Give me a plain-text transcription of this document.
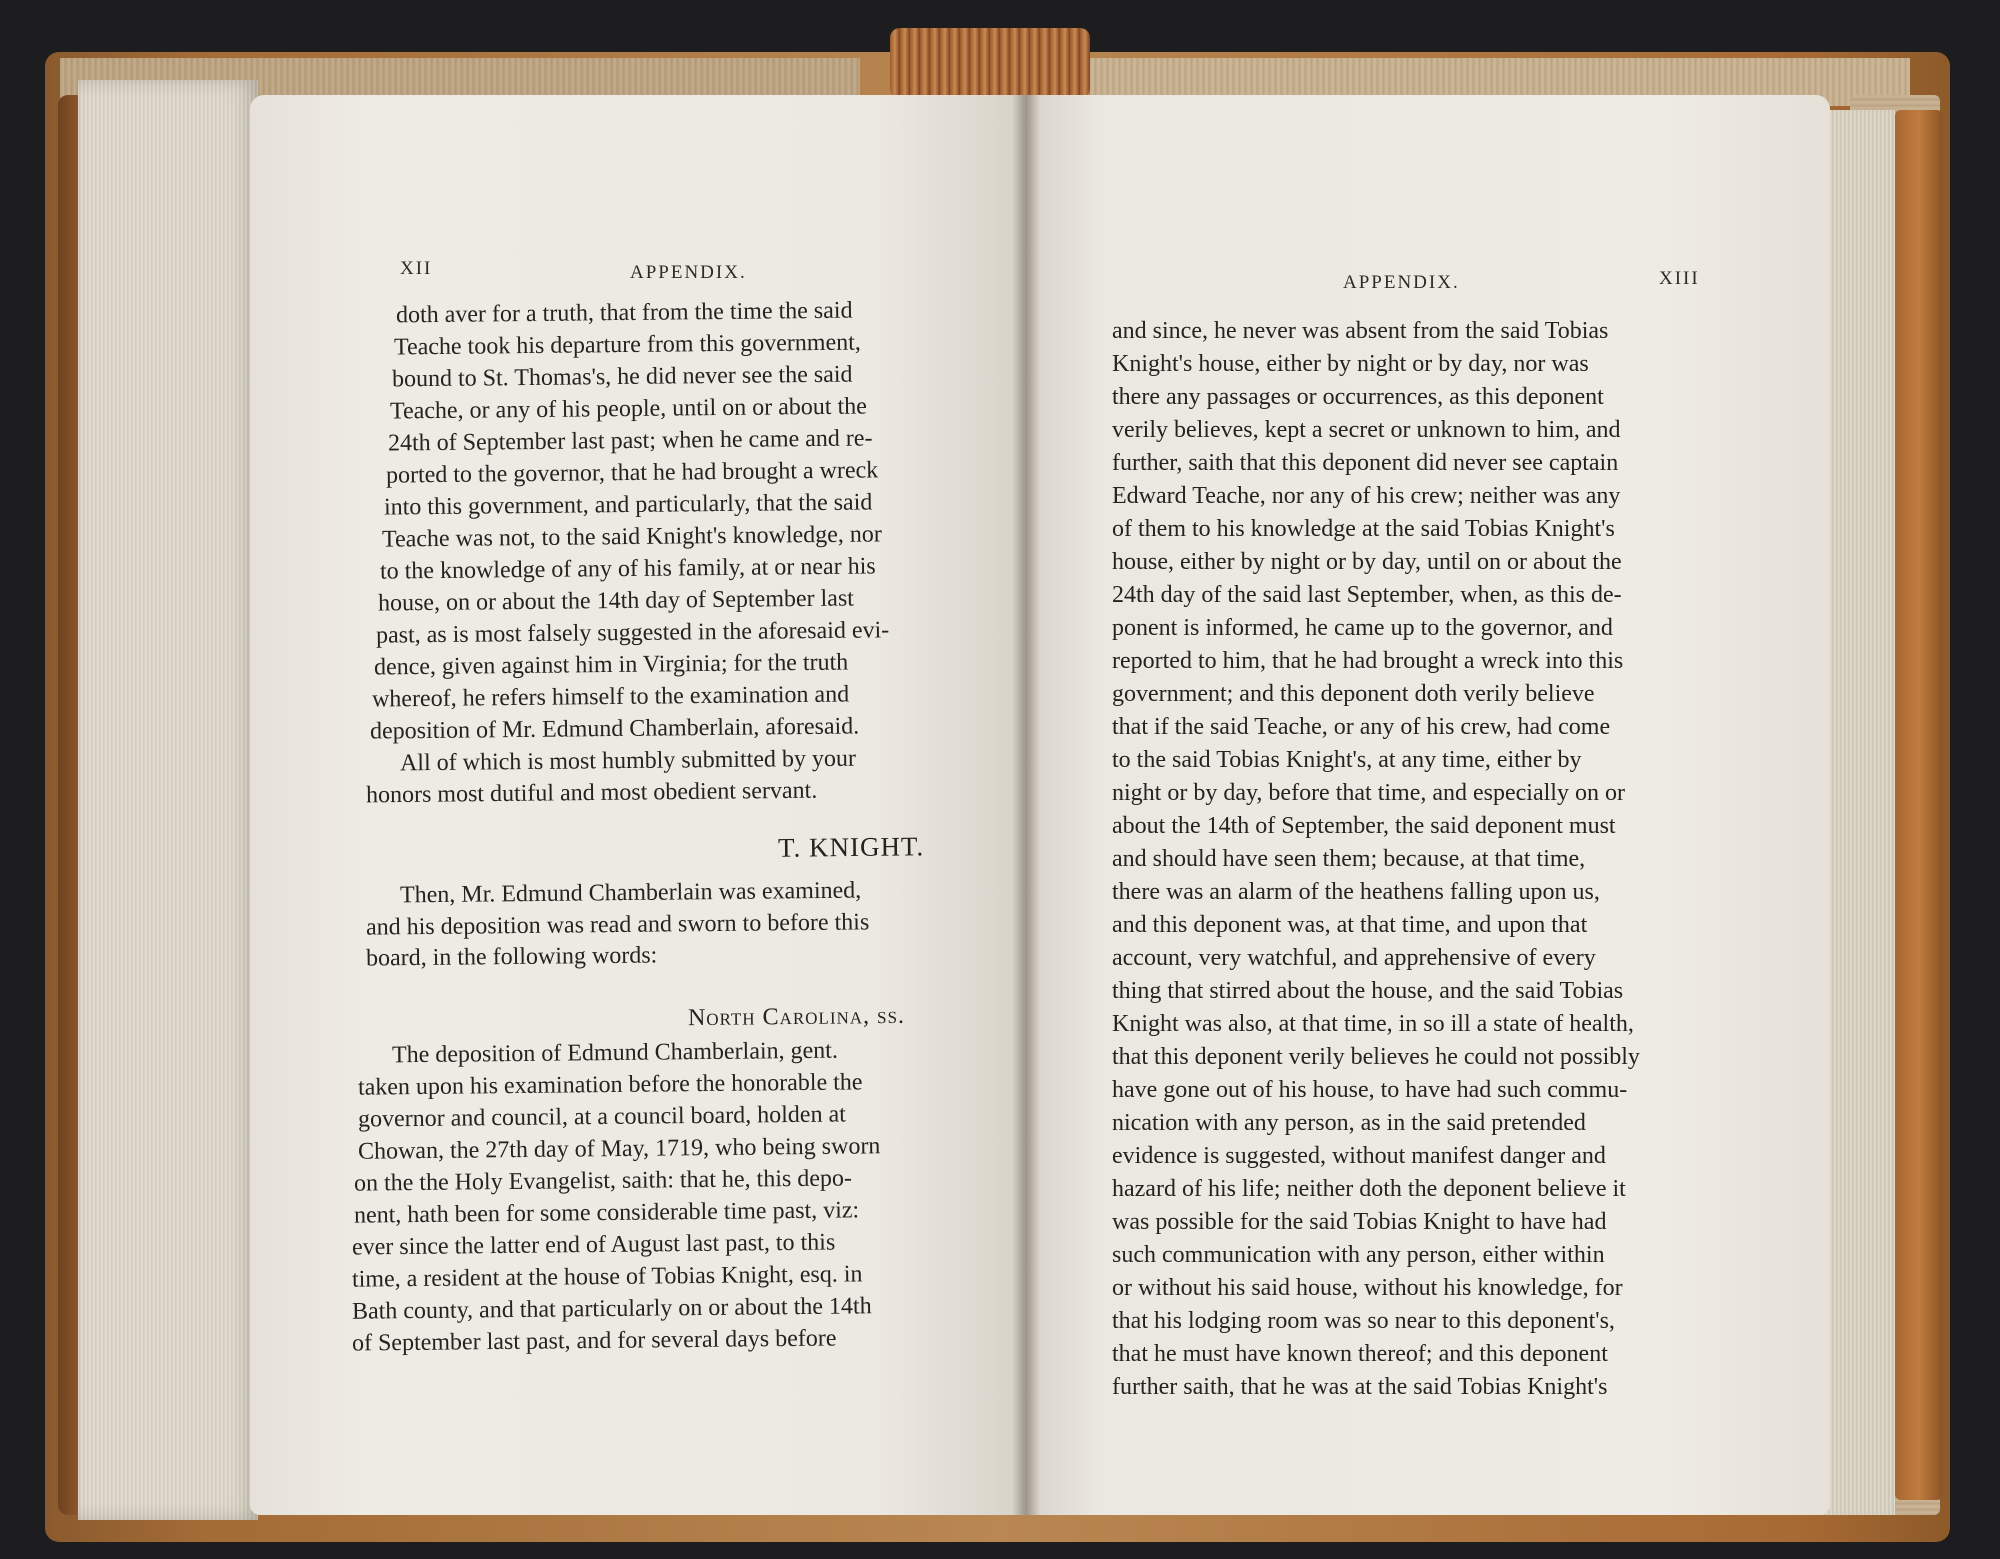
XII	APPENDIX.	APPENDIX.	XIII
doth aver for a truth, that from the time the said
Teache took his departure from this government,
bound to St. Thomas's, he did never see the said
Teache, or any of his people, until on or about the
24th of September last past; when he came and re-
ported to the governor, that he had brought a wreck
into this government, and particularly, that the said
Teache was not, to the said Knight's knowledge, nor
to the knowledge of any of his family, at or near his
house, on or about the 14th day of September last
past, as is most falsely suggested in the aforesaid evi-
dence, given against him in Virginia; for the truth
whereof, he refers himself to the examination and
deposition of Mr. Edmund Chamberlain, aforesaid.
All of which is most humbly submitted by your
honors most dutiful and most obedient servant.
T. KNIGHT.
Then, Mr. Edmund Chamberlain was examined,
and his deposition was read and sworn to before this
board, in the following words:
North Carolina, ss.
The deposition of Edmund Chamberlain, gent.
taken upon his examination before the honorable the
governor and council, at a council board, holden at
Chowan, the 27th day of May, 1719, who being sworn
on the the Holy Evangelist, saith: that he, this depo-
nent, hath been for some considerable time past, viz:
ever since the latter end of August last past, to this
time, a resident at the house of Tobias Knight, esq. in
Bath county, and that particularly on or about the 14th
of September last past, and for several days before
and since, he never was absent from the said Tobias
Knight's house, either by night or by day, nor was
there any passages or occurrences, as this deponent
verily believes, kept a secret or unknown to him, and
further, saith that this deponent did never see captain
Edward Teache, nor any of his crew; neither was any
of them to his knowledge at the said Tobias Knight's
house, either by night or by day, until on or about the
24th day of the said last September, when, as this de-
ponent is informed, he came up to the governor, and
reported to him, that he had brought a wreck into this
government; and this deponent doth verily believe
that if the said Teache, or any of his crew, had come
to the said Tobias Knight's, at any time, either by
night or by day, before that time, and especially on or
about the 14th of September, the said deponent must
and should have seen them; because, at that time,
there was an alarm of the heathens falling upon us,
and this deponent was, at that time, and upon that
account, very watchful, and apprehensive of every
thing that stirred about the house, and the said Tobias
Knight was also, at that time, in so ill a state of health,
that this deponent verily believes he could not possibly
have gone out of his house, to have had such commu-
nication with any person, as in the said pretended
evidence is suggested, without manifest danger and
hazard of his life; neither doth the deponent believe it
was possible for the said Tobias Knight to have had
such communication with any person, either within
or without his said house, without his knowledge, for
that his lodging room was so near to this deponent's,
that he must have known thereof; and this deponent
further saith, that he was at the said Tobias Knight's
